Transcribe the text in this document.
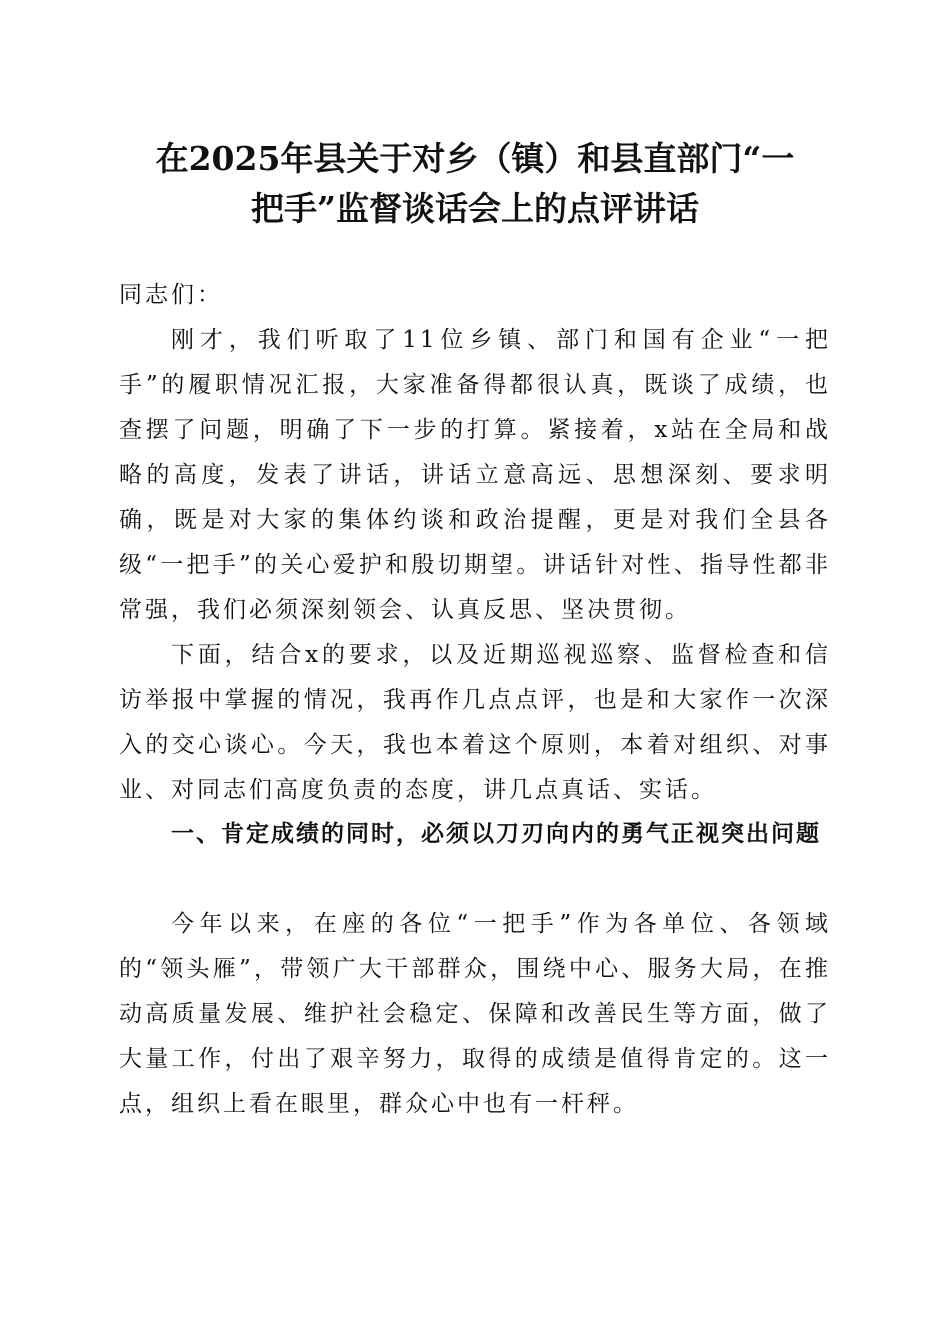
在2025年县关于对乡（镇）和县直部门“一
把手”监督谈话会上的点评讲话

同志们：

刚才，我们听取了11位乡镇、部门和国有企业“一把手”的履职情况汇报，大家准备得都很认真，既谈了成绩，也查摆了问题，明确了下一步的打算。紧接着，x站在全局和战略的高度，发表了讲话，讲话立意高远、思想深刻、要求明确，既是对大家的集体约谈和政治提醒，更是对我们全县各级“一把手”的关心爱护和殷切期望。讲话针对性、指导性都非常强，我们必须深刻领会、认真反思、坚决贯彻。

下面，结合x的要求，以及近期巡视巡察、监督检查和信访举报中掌握的情况，我再作几点点评，也是和大家作一次深入的交心谈心。今天，我也本着这个原则，本着对组织、对事业、对同志们高度负责的态度，讲几点真话、实话。

一、肯定成绩的同时，必须以刀刃向内的勇气正视突出问题

今年以来，在座的各位“一把手”作为各单位、各领域的“领头雁”，带领广大干部群众，围绕中心、服务大局，在推动高质量发展、维护社会稳定、保障和改善民生等方面，做了大量工作，付出了艰辛努力，取得的成绩是值得肯定的。这一点，组织上看在眼里，群众心中也有一杆秤。
